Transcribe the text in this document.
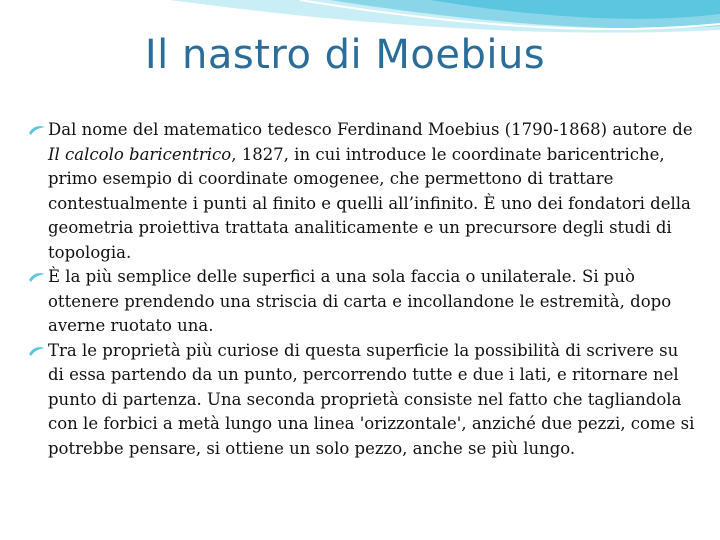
Il nastro di Moebius
Dal nome del matematico tedesco Ferdinand Moebius (1790-1868) autore de Il calcolo baricentrico, 1827, in cui introduce le coordinate baricentriche, primo esempio di coordinate omogenee, che permettono di trattare contestualmente i punti al finito e quelli all’infinito. È uno dei fondatori della geometria proiettiva trattata analiticamente e un precursore degli studi di topologia.
È la più semplice delle superfici a una sola faccia o unilaterale. Si può ottenere prendendo una striscia di carta e incollandone le estremità, dopo averne ruotato una.
Tra le proprietà più curiose di questa superficie la possibilità di scrivere su di essa partendo da un punto, percorrendo tutte e due i lati, e ritornare nel punto di partenza. Una seconda proprietà consiste nel fatto che tagliandola con le forbici a metà lungo una linea 'orizzontale', anziché due pezzi, come si potrebbe pensare, si ottiene un solo pezzo, anche se più lungo.
